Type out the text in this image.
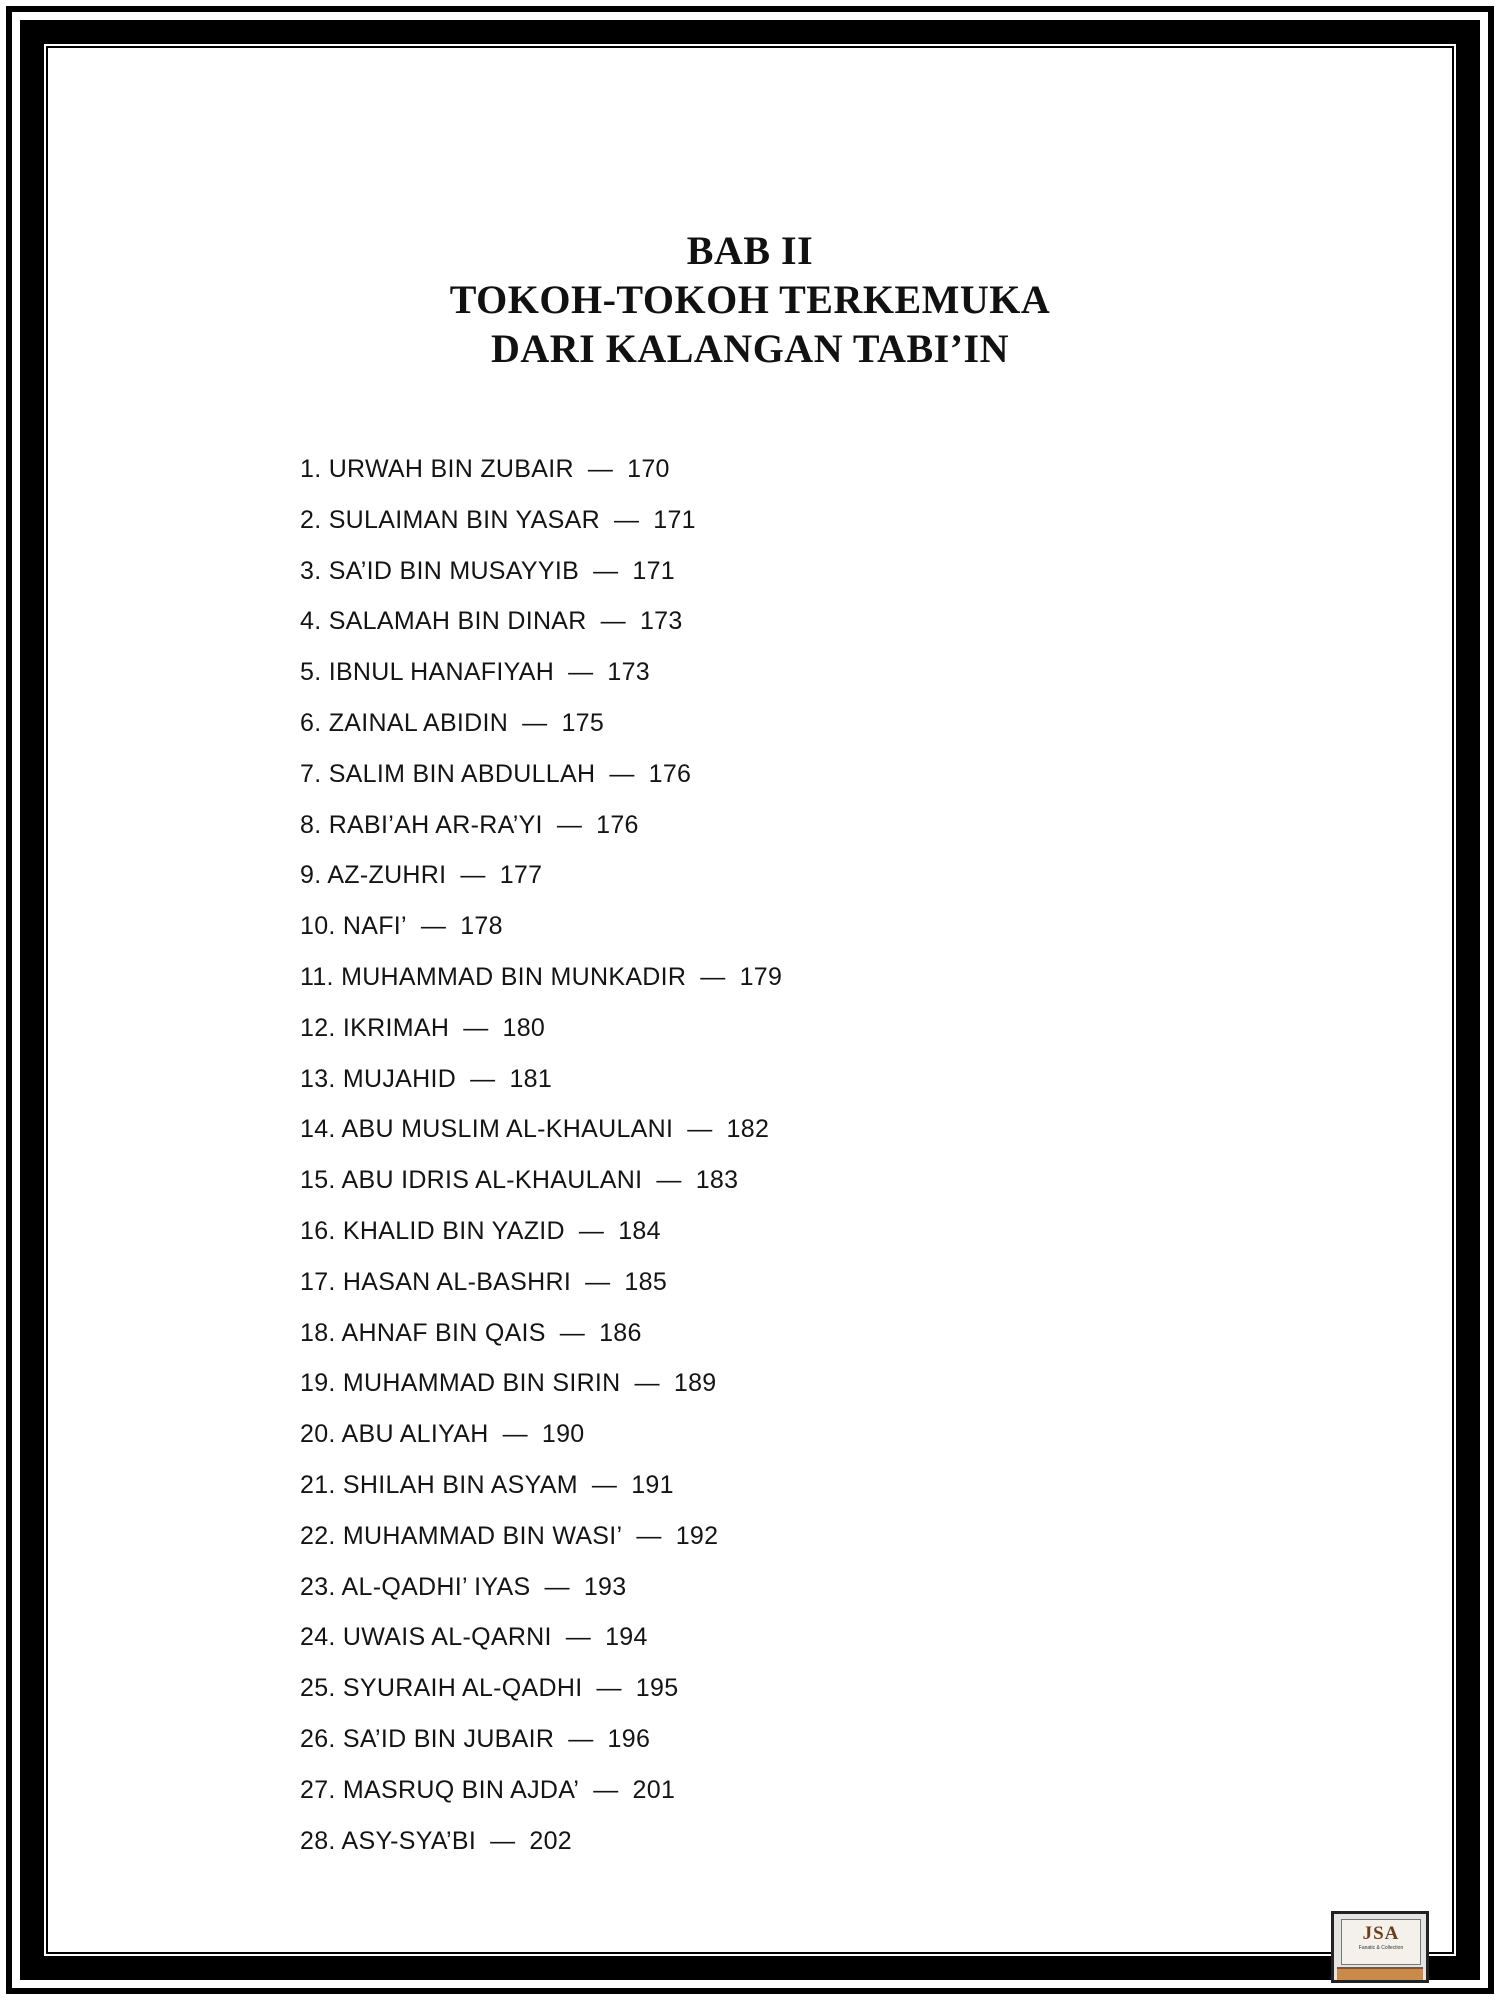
BAB II
TOKOH-TOKOH TERKEMUKA
DARI KALANGAN TABI’IN
1. URWAH BIN ZUBAIR — 170
2. SULAIMAN BIN YASAR — 171
3. SA’ID BIN MUSAYYIB — 171
4. SALAMAH BIN DINAR — 173
5. IBNUL HANAFIYAH — 173
6. ZAINAL ABIDIN — 175
7. SALIM BIN ABDULLAH — 176
8. RABI’AH AR-RA’YI — 176
9. AZ-ZUHRI — 177
10. NAFI’ — 178
11. MUHAMMAD BIN MUNKADIR — 179
12. IKRIMAH — 180
13. MUJAHID — 181
14. ABU MUSLIM AL-KHAULANI — 182
15. ABU IDRIS AL-KHAULANI — 183
16. KHALID BIN YAZID — 184
17. HASAN AL-BASHRI — 185
18. AHNAF BIN QAIS — 186
19. MUHAMMAD BIN SIRIN — 189
20. ABU ALIYAH — 190
21. SHILAH BIN ASYAM — 191
22. MUHAMMAD BIN WASI’ — 192
23. AL-QADHI’ IYAS — 193
24. UWAIS AL-QARNI — 194
25. SYURAIH AL-QADHI — 195
26. SA’ID BIN JUBAIR — 196
27. MASRUQ BIN AJDA’ — 201
28. ASY-SYA’BI — 202
JSA
Fanatic & Collection
